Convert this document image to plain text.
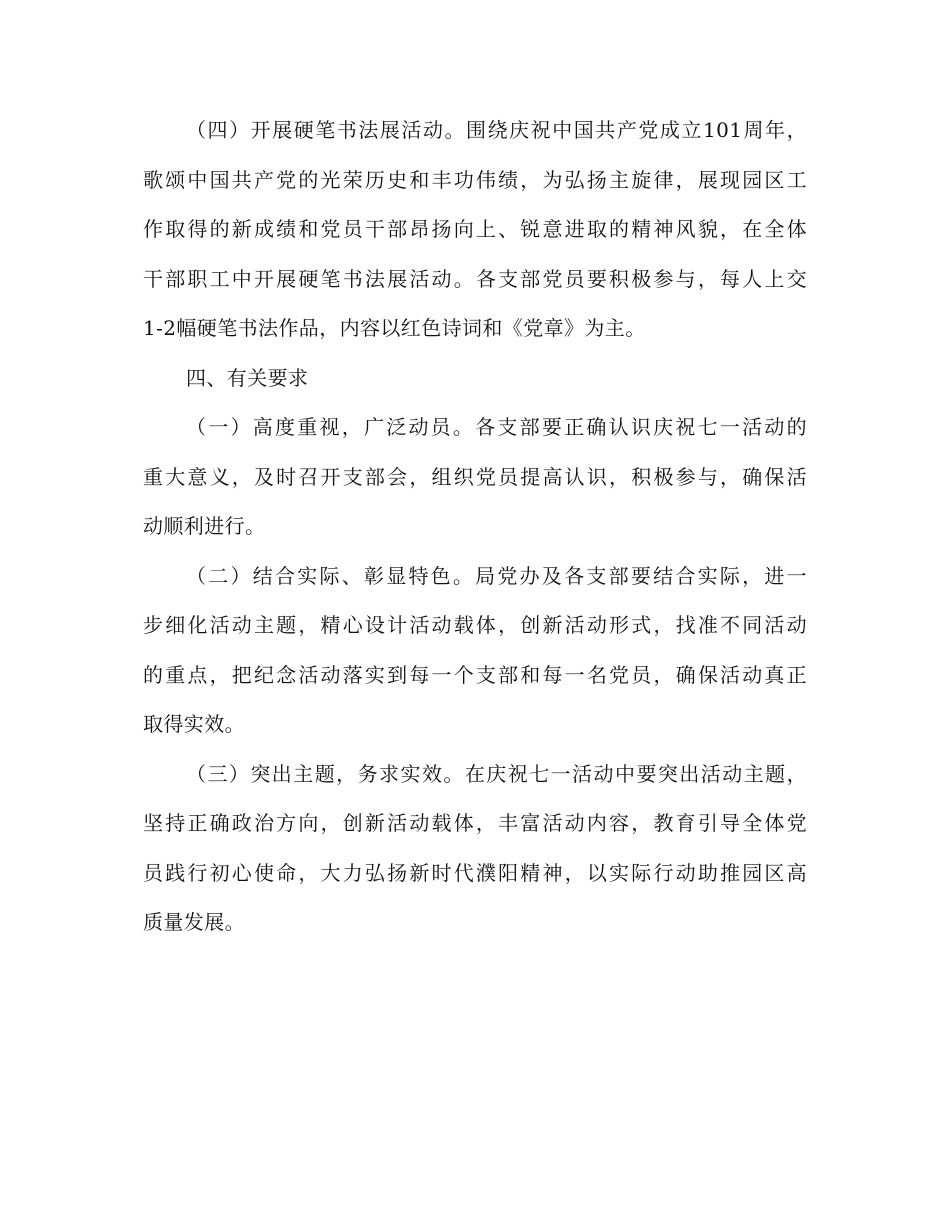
（四）开展硬笔书法展活动。围绕庆祝中国共产党成立101周年，
歌颂中国共产党的光荣历史和丰功伟绩，为弘扬主旋律，展现园区工
作取得的新成绩和党员干部昂扬向上、锐意进取的精神风貌，在全体
干部职工中开展硬笔书法展活动。各支部党员要积极参与，每人上交
1-2幅硬笔书法作品，内容以红色诗词和《党章》为主。
四、有关要求
（一）高度重视，广泛动员。各支部要正确认识庆祝七一活动的
重大意义，及时召开支部会，组织党员提高认识，积极参与，确保活
动顺利进行。
（二）结合实际、彰显特色。局党办及各支部要结合实际，进一
步细化活动主题，精心设计活动载体，创新活动形式，找准不同活动
的重点，把纪念活动落实到每一个支部和每一名党员，确保活动真正
取得实效。
（三）突出主题，务求实效。在庆祝七一活动中要突出活动主题，
坚持正确政治方向，创新活动载体，丰富活动内容，教育引导全体党
员践行初心使命，大力弘扬新时代濮阳精神，以实际行动助推园区高
质量发展。
